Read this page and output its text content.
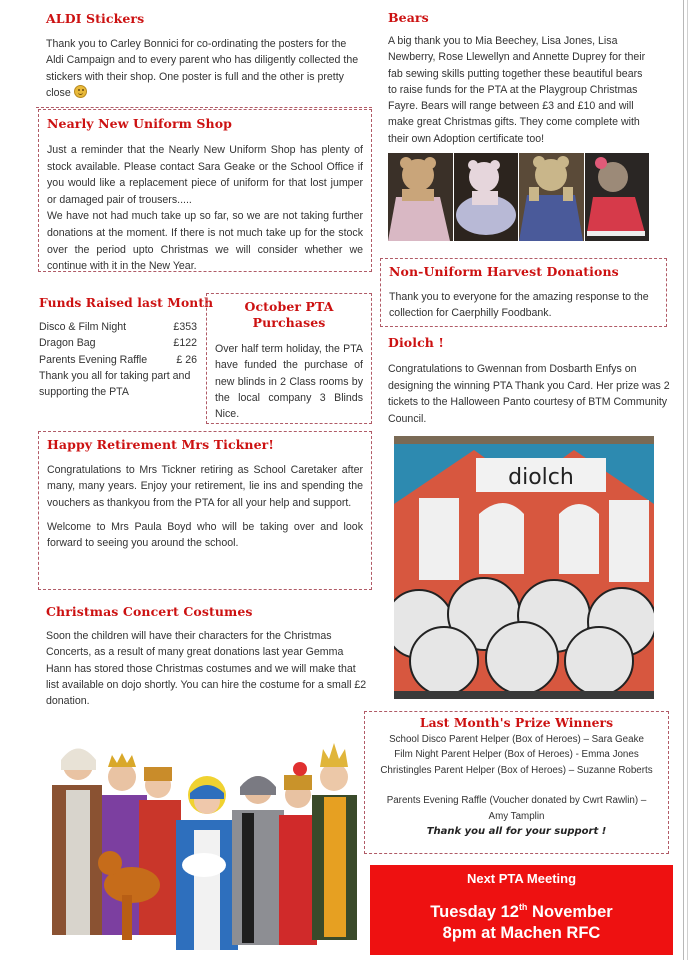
ALDI Stickers
Thank you to Carley Bonnici for co-ordinating the posters for the Aldi Campaign and to every parent who has diligently collected the stickers with their shop. One poster is full and the other is pretty close
Nearly New Uniform Shop

Just a reminder that the Nearly New Uniform Shop has plenty of stock available. Please contact Sara Geake or the School Office if you would like a replacement piece of uniform for that lost jumper or damaged pair of trousers.....

We have not had much take up so far, so we are not taking further donations at the moment. If there is not much take up for the stock over the period upto Christmas we will consider whether we continue with it in the New Year.

Funds Raised last Month
Disco & Film Night	£353
Dragon Bag	£122
Parents Evening Raffle	£ 26
Thank you all for taking part and supporting the PTA
October PTA Purchases

Over half term holiday, the PTA have funded the purchase of new blinds in 2 Class rooms by the local company 3 Blinds Nice.

Happy Retirement Mrs Tickner!

Congratulations to Mrs Tickner retiring as School Caretaker after many, many years. Enjoy your retirement, lie ins and spending the vouchers as thankyou from the PTA for all your help and support.

Welcome to Mrs Paula Boyd who will be taking over and look forward to seeing you around the school.

Christmas Concert Costumes

Soon the children will have their characters for the Christmas Concerts, as a result of many great donations last year Gemma Hann has stored those Christmas costumes and we will make that list available on dojo shortly. You can hire the costume for a small £2 donation.

Bears

A big thank you to Mia Beechey, Lisa Jones, Lisa Newberry, Rose Llewellyn and Annette Duprey for their fab sewing skills putting together these beautiful bears to raise funds for the PTA at the Playgroup Christmas Fayre. Bears will range between £3 and £10 and will make great Christmas gifts. They come complete with their own Adoption certificate too!

Non-Uniform Harvest Donations

Thank you to everyone for the amazing response to the collection for Caerphilly Foodbank.

Diolch !

Congratulations to Gwennan from Dosbarth Enfys on designing the winning PTA Thank you Card. Her prize was 2 tickets to the Halloween Panto courtesy of BTM Community Council.

diolch
Last Month's Prize Winners
School Disco Parent Helper (Box of Heroes) – Sara Geake
Film Night Parent Helper (Box of Heroes) - Emma Jones
Christingles Parent Helper (Box of Heroes) – Suzanne Roberts
Parents Evening Raffle (Voucher donated by Cwrt Rawlin) –
Amy Tamplin
Thank you all for your support !
Next PTA Meeting
Tuesday 12th November
8pm at Machen RFC
